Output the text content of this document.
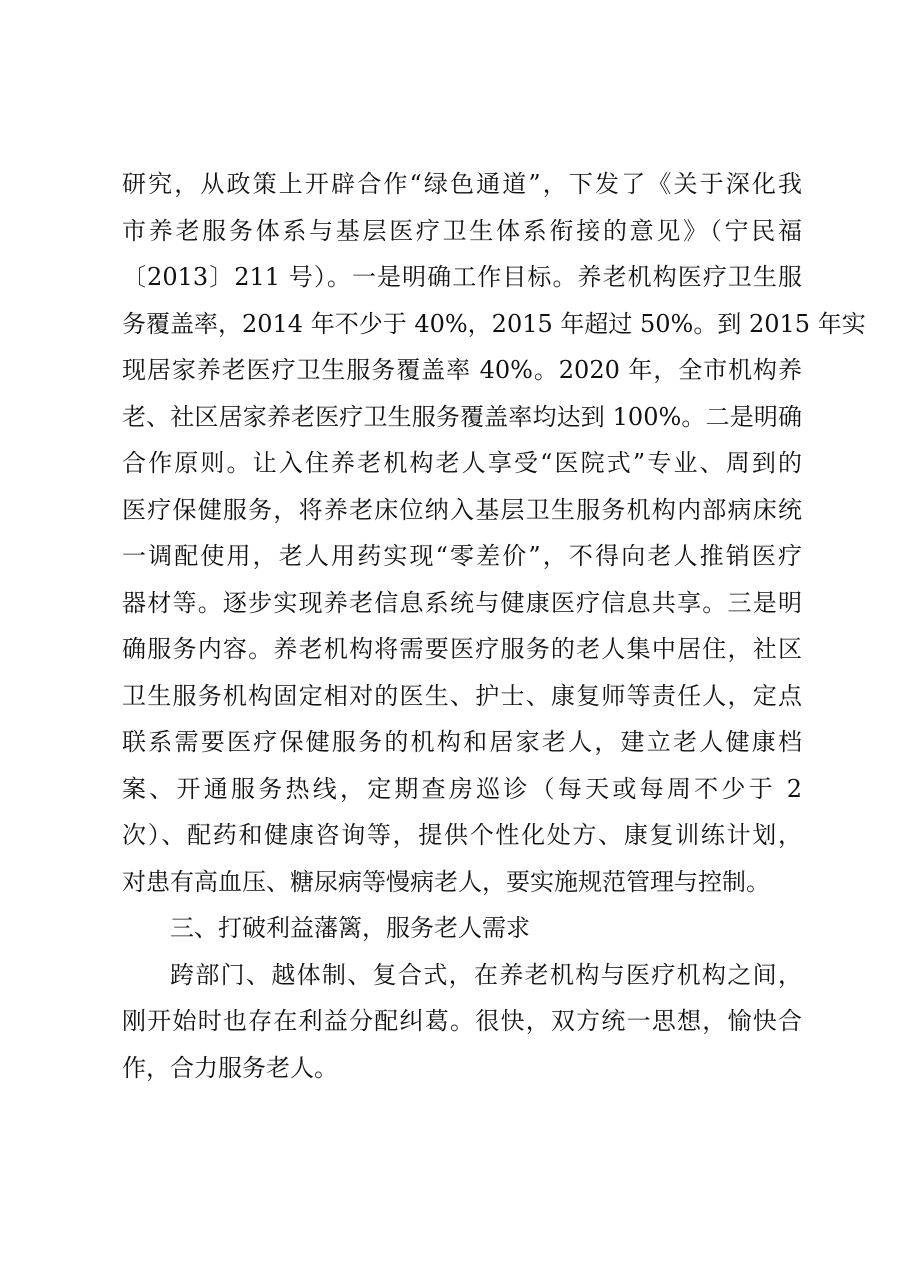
研究，从政策上开辟合作“绿色通道”，下发了《关于深化我
市养老服务体系与基层医疗卫生体系衔接的意见》（宁民福
〔2013〕211 号）。一是明确工作目标。养老机构医疗卫生服
务覆盖率，2014 年不少于 40%，2015 年超过 50%。到 2015 年实
现居家养老医疗卫生服务覆盖率 40%。2020 年，全市机构养
老、社区居家养老医疗卫生服务覆盖率均达到 100%。二是明确
合作原则。让入住养老机构老人享受“医院式”专业、周到的
医疗保健服务，将养老床位纳入基层卫生服务机构内部病床统
一调配使用，老人用药实现“零差价”，不得向老人推销医疗
器材等。逐步实现养老信息系统与健康医疗信息共享。三是明
确服务内容。养老机构将需要医疗服务的老人集中居住，社区
卫生服务机构固定相对的医生、护士、康复师等责任人，定点
联系需要医疗保健服务的机构和居家老人，建立老人健康档
案、开通服务热线，定期查房巡诊（每天或每周不少于 2
次）、配药和健康咨询等，提供个性化处方、康复训练计划，
对患有高血压、糖尿病等慢病老人，要实施规范管理与控制。
三、打破利益藩篱，服务老人需求
跨部门、越体制、复合式，在养老机构与医疗机构之间，
刚开始时也存在利益分配纠葛。很快，双方统一思想，愉快合
作，合力服务老人。
